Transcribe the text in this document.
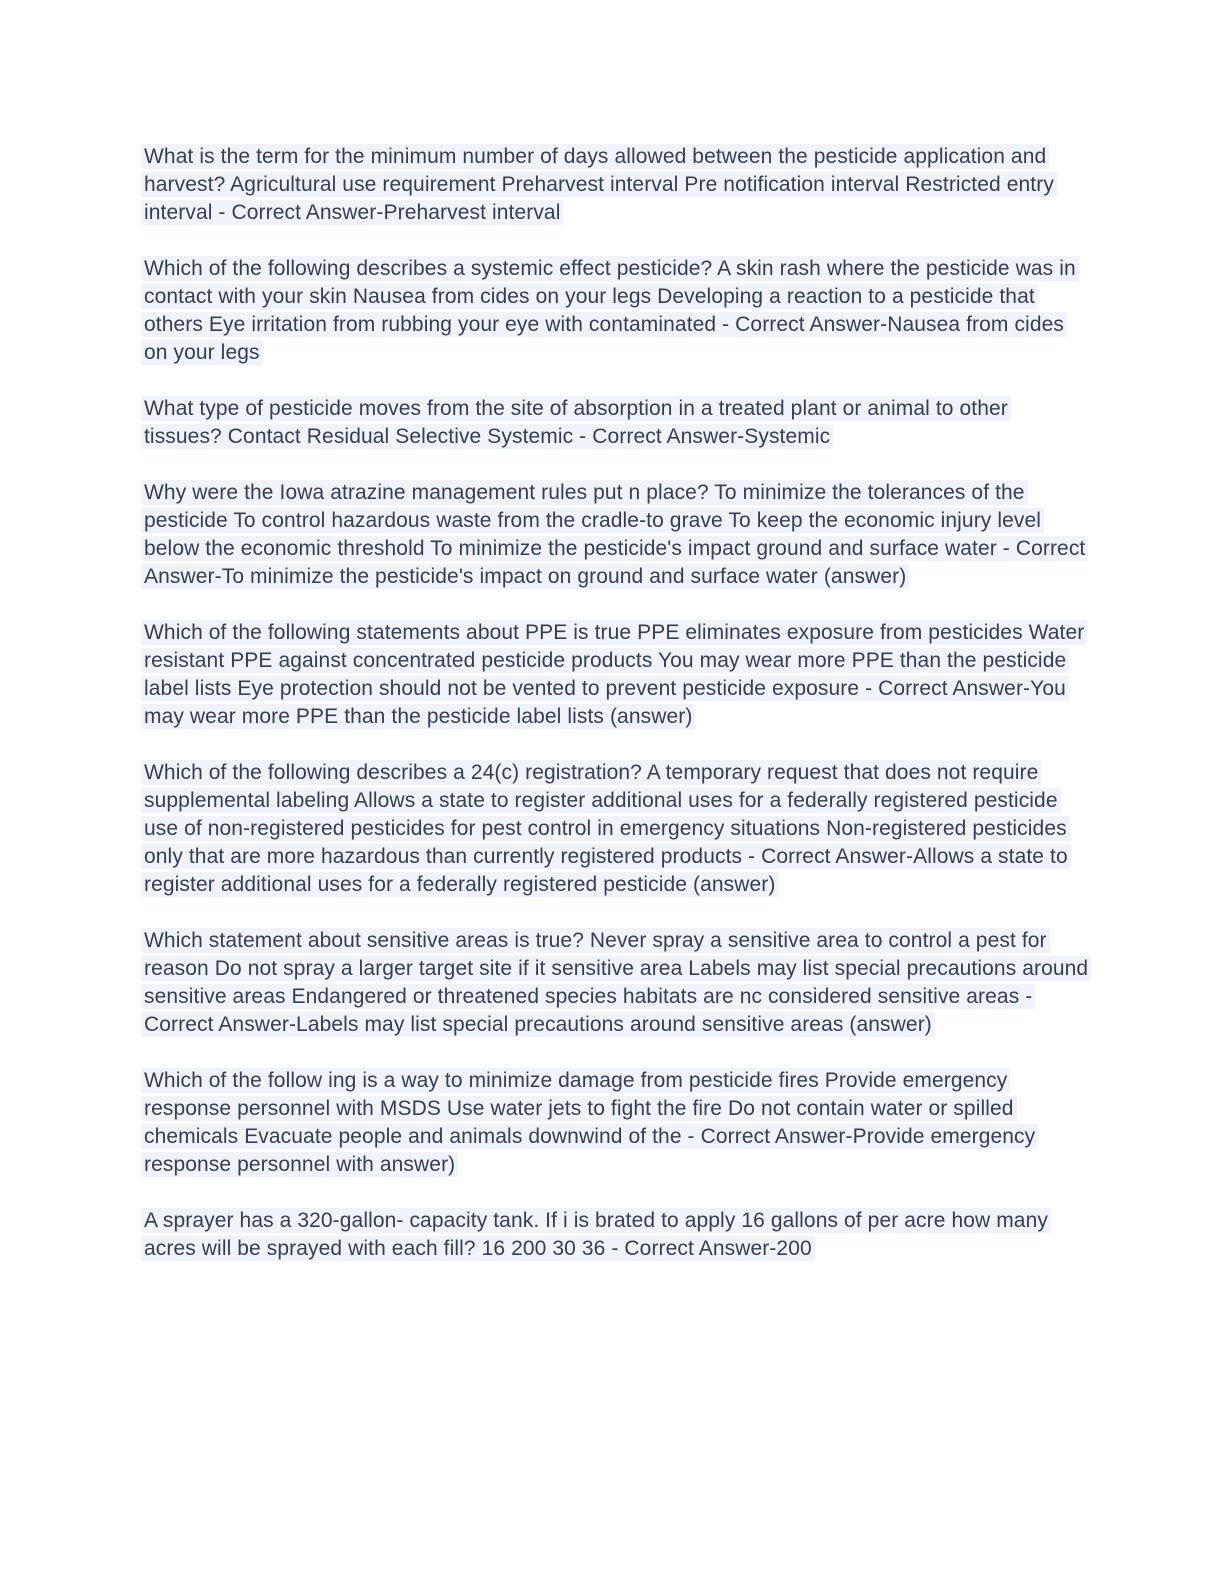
What is the term for the minimum number of days allowed between the pesticide application and harvest? Agricultural use requirement Preharvest interval Pre notification interval Restricted entry interval - Correct Answer-Preharvest interval

Which of the following describes a systemic effect pesticide? A skin rash where the pesticide was in contact with your skin Nausea from cides on your legs Developing a reaction to a pesticide that others Eye irritation from rubbing your eye with contaminated - Correct Answer-Nausea from cides on your legs

What type of pesticide moves from the site of absorption in a treated plant or animal to other tissues? Contact Residual Selective Systemic - Correct Answer-Systemic

Why were the Iowa atrazine management rules put n place? To minimize the tolerances of the pesticide To control hazardous waste from the cradle-to grave To keep the economic injury level below the economic threshold To minimize the pesticide's impact ground and surface water - Correct Answer-To minimize the pesticide's impact on ground and surface water (answer)

Which of the following statements about PPE is true PPE eliminates exposure from pesticides Water resistant PPE against concentrated pesticide products You may wear more PPE than the pesticide label lists Eye protection should not be vented to prevent pesticide exposure - Correct Answer-You may wear more PPE than the pesticide label lists (answer)

Which of the following describes a 24(c) registration? A temporary request that does not require supplemental labeling Allows a state to register additional uses for a federally registered pesticide use of non-registered pesticides for pest control in emergency situations Non-registered pesticides only that are more hazardous than currently registered products - Correct Answer-Allows a state to register additional uses for a federally registered pesticide (answer)

Which statement about sensitive areas is true? Never spray a sensitive area to control a pest for reason Do not spray a larger target site if it sensitive area Labels may list special precautions around sensitive areas Endangered or threatened species habitats are nc considered sensitive areas - Correct Answer-Labels may list special precautions around sensitive areas (answer)

Which of the follow ing is a way to minimize damage from pesticide fires Provide emergency response personnel with MSDS Use water jets to fight the fire Do not contain water or spilled chemicals Evacuate people and animals downwind of the - Correct Answer-Provide emergency response personnel with answer)

A sprayer has a 320-gallon- capacity tank. If i is brated to apply 16 gallons of per acre how many acres will be sprayed with each fill? 16 200 30 36 - Correct Answer-200
